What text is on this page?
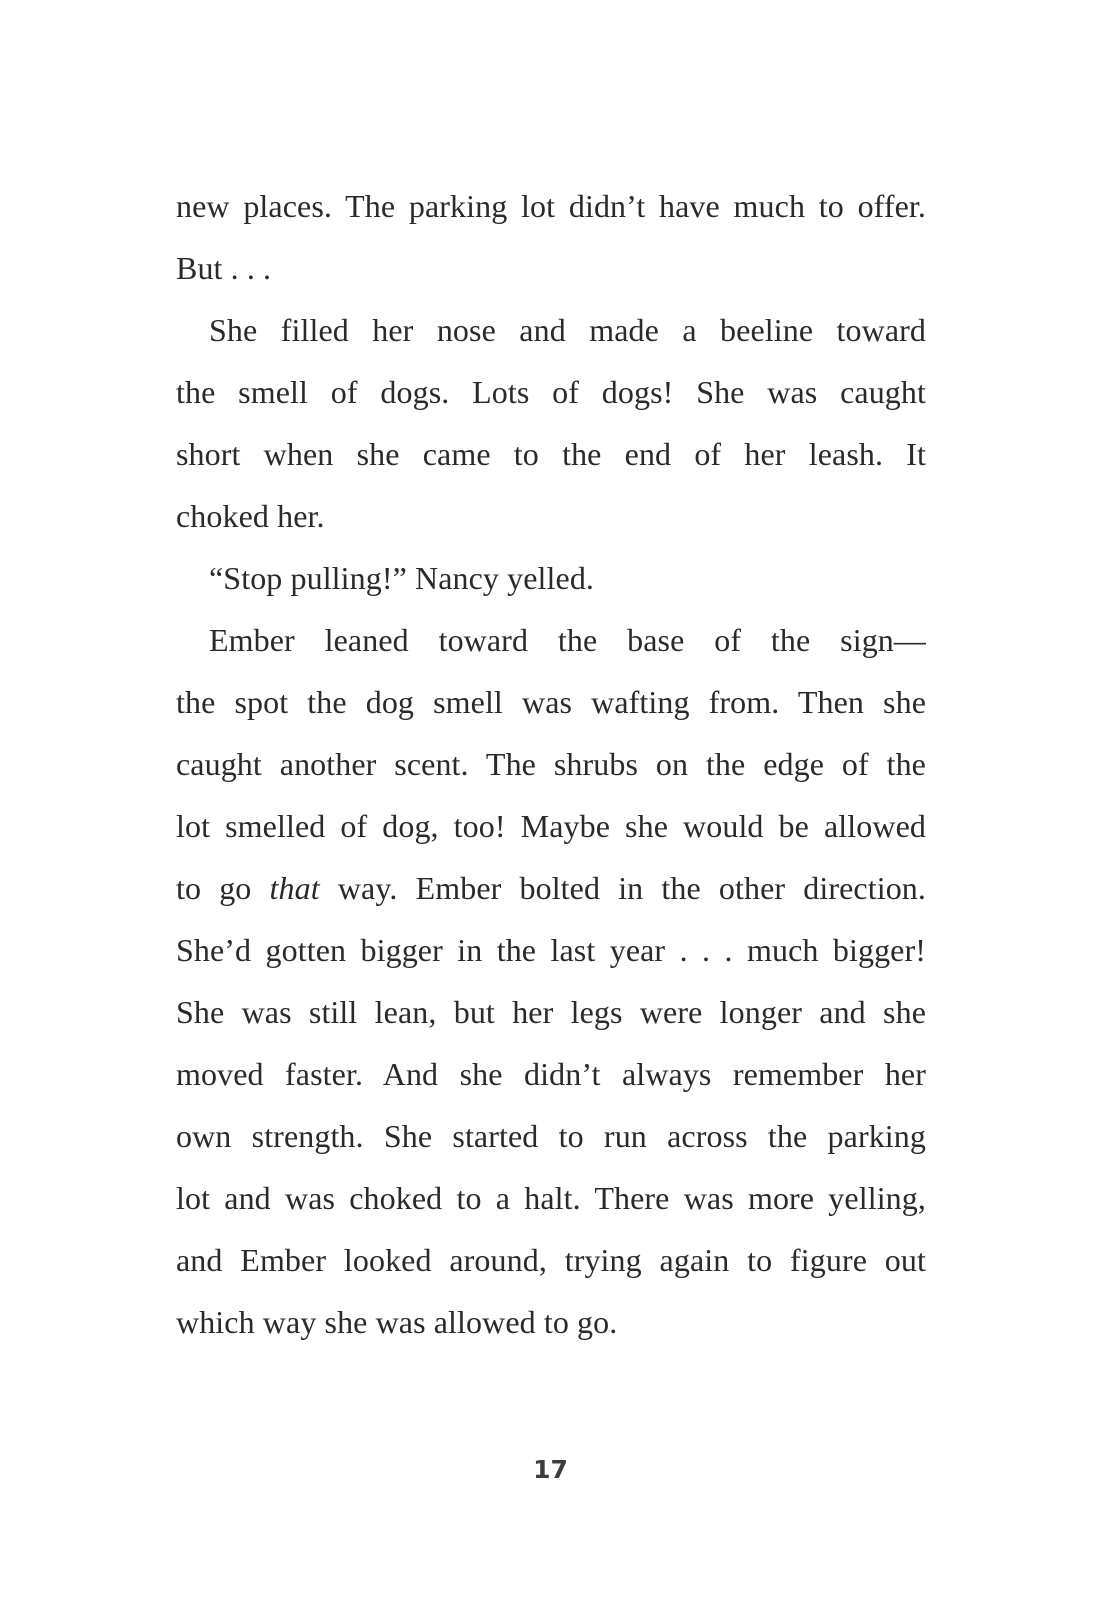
new places. The parking lot didn’t have much to offer.
But . . .
She filled her nose and made a beeline toward
the smell of dogs. Lots of dogs! She was caught
short when she came to the end of her leash. It
choked her.
“Stop pulling!” Nancy yelled.
Ember leaned toward the base of the sign—
the spot the dog smell was wafting from. Then she
caught another scent. The shrubs on the edge of the
lot smelled of dog, too! Maybe she would be allowed
to go that way. Ember bolted in the other direction.
She’d gotten bigger in the last year . . . much bigger!
She was still lean, but her legs were longer and she
moved faster. And she didn’t always remember her
own strength. She started to run across the parking
lot and was choked to a halt. There was more yelling,
and Ember looked around, trying again to figure out
which way she was allowed to go.
17
